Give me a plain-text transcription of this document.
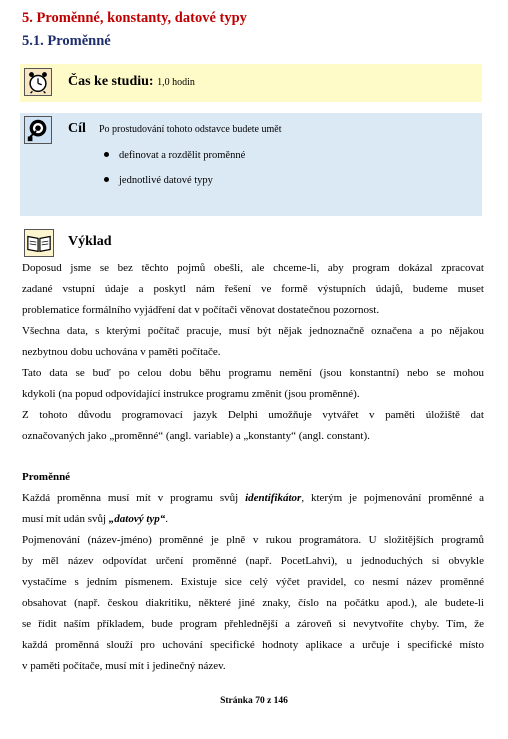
5. Proměnné, konstanty, datové typy
5.1. Proměnné
Čas ke studiu: 1,0 hodin
Cíl Po prostudování tohoto odstavce budete umět
definovat a rozdělit proměnné
jednotlivé datové typy
Výklad
Doposud jsme se bez těchto pojmů obešli, ale chceme-li, aby program dokázal zpracovat
zadané vstupní údaje a poskytl nám řešení ve formě výstupních údajů, budeme muset
problematice formálního vyjádření dat v počítači věnovat dostatečnou pozornost.
Všechna data, s kterými počítač pracuje, musí být nějak jednoznačně označena a po nějakou
nezbytnou dobu uchována v paměti počítače.
Tato data se buď po celou dobu běhu programu nemění (jsou konstantní) nebo se mohou
kdykoli (na popud odpovídající instrukce programu změnit (jsou proměnné).
Z tohoto důvodu programovací jazyk Delphi umožňuje vytvářet v paměti úložiště dat
označovaných jako „proměnné“ (angl. variable) a „konstanty“ (angl. constant).
Proměnné
Každá proměnna musí mít v programu svůj identifikátor, kterým je pojmenování proměnné a
musí mít udán svůj „datový typ“.
Pojmenování (název-jméno) proměnné je plně v rukou programátora. U složitějších programů
by měl název odpovídat určení proměnné (např. PocetLahvi), u jednoduchých si obvykle
vystačíme s jedním písmenem. Existuje sice celý výčet pravidel, co nesmí název proměnné
obsahovat (např. českou diakritiku, některé jiné znaky, číslo na počátku apod.), ale budete-li
se řídit naším příkladem, bude program přehlednější a zároveň si nevytvoříte chyby. Tím, že
každá proměnná slouží pro uchování specifické hodnoty aplikace a určuje i specifické místo
v paměti počítače, musí mít i jedinečný název.
Stránka 70 z 146
